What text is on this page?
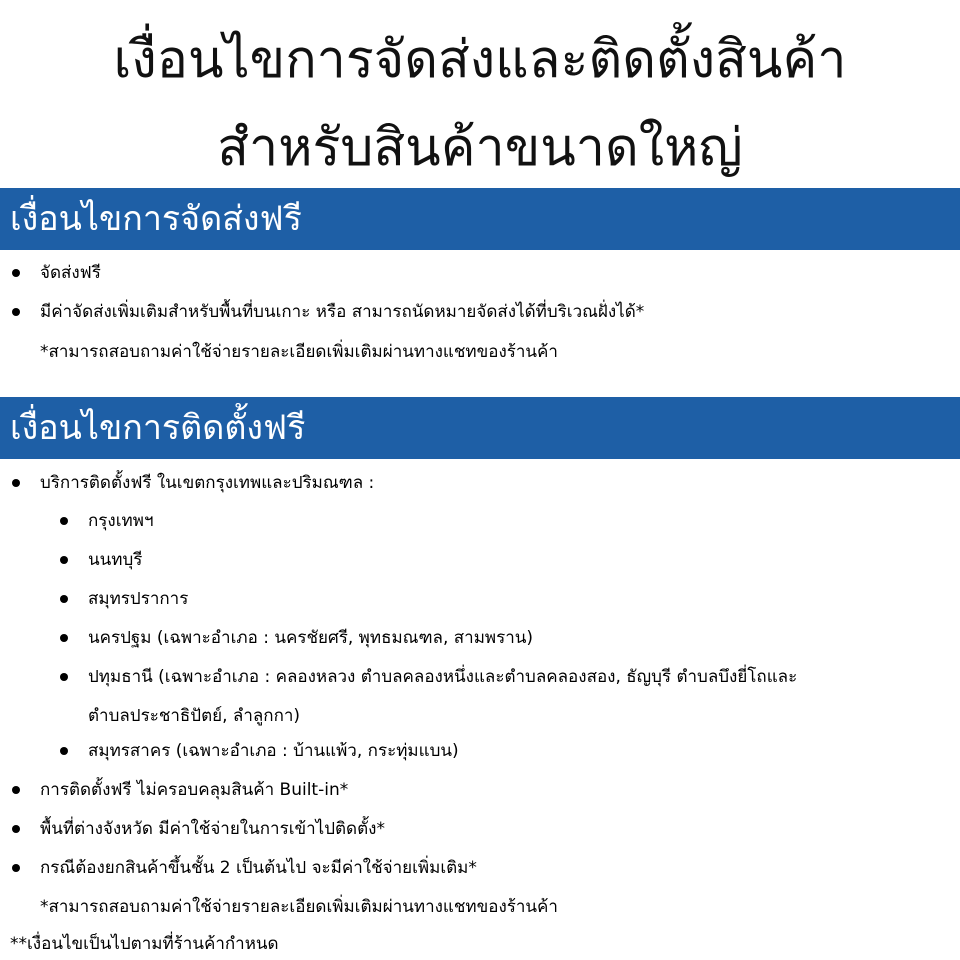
เงื่อนไขการจัดส่งและติดตั้งสินค้า
สำหรับสินค้าขนาดใหญ่
เงื่อนไขการจัดส่งฟรี
จัดส่งฟรี
มีค่าจัดส่งเพิ่มเติมสำหรับพื้นที่บนเกาะ หรือ สามารถนัดหมายจัดส่งได้ที่บริเวณฝั่งได้*
*สามารถสอบถามค่าใช้จ่ายรายละเอียดเพิ่มเติมผ่านทางแชทของร้านค้า
เงื่อนไขการติดตั้งฟรี
บริการติดตั้งฟรี ในเขตกรุงเทพและปริมณฑล :
กรุงเทพฯ
นนทบุรี
สมุทรปราการ
นครปฐม (เฉพาะอำเภอ : นครชัยศรี, พุทธมณฑล, สามพราน)
ปทุมธานี (เฉพาะอำเภอ : คลองหลวง ตำบลคลองหนึ่งและตำบลคลองสอง, ธัญบุรี ตำบลบึงยี่โถและ
ตำบลประชาธิปัตย์, ลำลูกกา)
สมุทรสาคร (เฉพาะอำเภอ : บ้านแพ้ว, กระทุ่มแบน)
การติดตั้งฟรี ไม่ครอบคลุมสินค้า Built-in*
พื้นที่ต่างจังหวัด มีค่าใช้จ่ายในการเข้าไปติดตั้ง*
กรณีต้องยกสินค้าขึ้นชั้น 2 เป็นต้นไป จะมีค่าใช้จ่ายเพิ่มเติม*
*สามารถสอบถามค่าใช้จ่ายรายละเอียดเพิ่มเติมผ่านทางแชทของร้านค้า
**เงื่อนไขเป็นไปตามที่ร้านค้ากำหนด
